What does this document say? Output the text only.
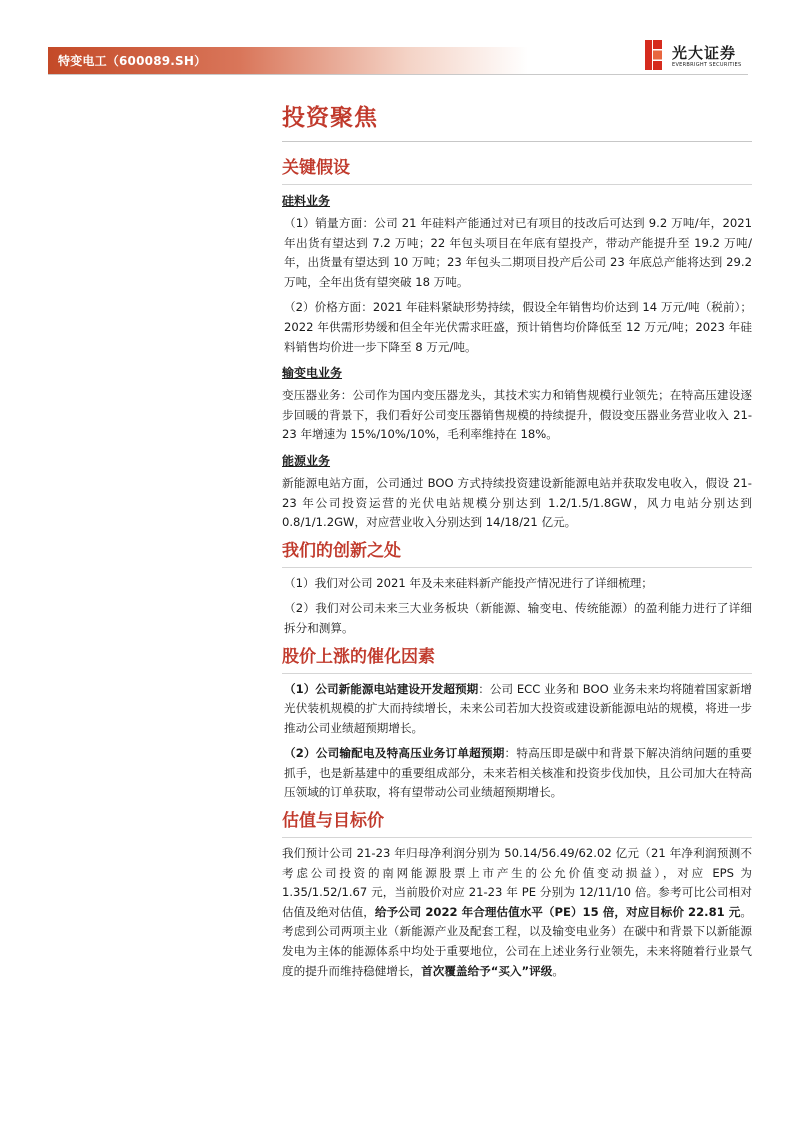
特变电工（600089.SH）	光大证券
EVERBRIGHT SECURITIES
投资聚焦
关键假设
硅料业务

（1）销量方面：公司 21 年硅料产能通过对已有项目的技改后可达到 9.2 万吨/年，2021 年出货有望达到 7.2 万吨；22 年包头项目在年底有望投产，带动产能提升至 19.2 万吨/年，出货量有望达到 10 万吨；23 年包头二期项目投产后公司 23 年底总产能将达到 29.2 万吨，全年出货有望突破 18 万吨。

（2）价格方面：2021 年硅料紧缺形势持续，假设全年销售均价达到 14 万元/吨（税前）；2022 年供需形势缓和但全年光伏需求旺盛，预计销售均价降低至 12 万元/吨；2023 年硅料销售均价进一步下降至 8 万元/吨。

输变电业务

变压器业务：公司作为国内变压器龙头，其技术实力和销售规模行业领先；在特高压建设逐步回暖的背景下，我们看好公司变压器销售规模的持续提升，假设变压器业务营业收入 21-23 年增速为 15%/10%/10%，毛利率维持在 18%。

能源业务

新能源电站方面，公司通过 BOO 方式持续投资建设新能源电站并获取发电收入，假设 21-23 年公司投资运营的光伏电站规模分别达到 1.2/1.5/1.8GW，风力电站分别达到 0.8/1/1.2GW，对应营业收入分别达到 14/18/21 亿元。

我们的创新之处

（1）我们对公司 2021 年及未来硅料新产能投产情况进行了详细梳理；

（2）我们对公司未来三大业务板块（新能源、输变电、传统能源）的盈利能力进行了详细拆分和测算。

股价上涨的催化因素

（1）公司新能源电站建设开发超预期：公司 ECC 业务和 BOO 业务未来均将随着国家新增光伏装机规模的扩大而持续增长，未来公司若加大投资或建设新能源电站的规模，将进一步推动公司业绩超预期增长。

（2）公司输配电及特高压业务订单超预期：特高压即是碳中和背景下解决消纳问题的重要抓手，也是新基建中的重要组成部分，未来若相关核准和投资步伐加快，且公司加大在特高压领域的订单获取，将有望带动公司业绩超预期增长。

估值与目标价

我们预计公司 21-23 年归母净利润分别为 50.14/56.49/62.02 亿元（21 年净利润预测不考虑公司投资的南网能源股票上市产生的公允价值变动损益），对应 EPS 为 1.35/1.52/1.67 元，当前股价对应 21-23 年 PE 分别为 12/11/10 倍。参考可比公司相对估值及绝对估值，给予公司 2022 年合理估值水平（PE）15 倍，对应目标价 22.81 元。考虑到公司两项主业（新能源产业及配套工程，以及输变电业务）在碳中和背景下以新能源发电为主体的能源体系中均处于重要地位，公司在上述业务行业领先，未来将随着行业景气度的提升而维持稳健增长，首次覆盖给予“买入”评级。
